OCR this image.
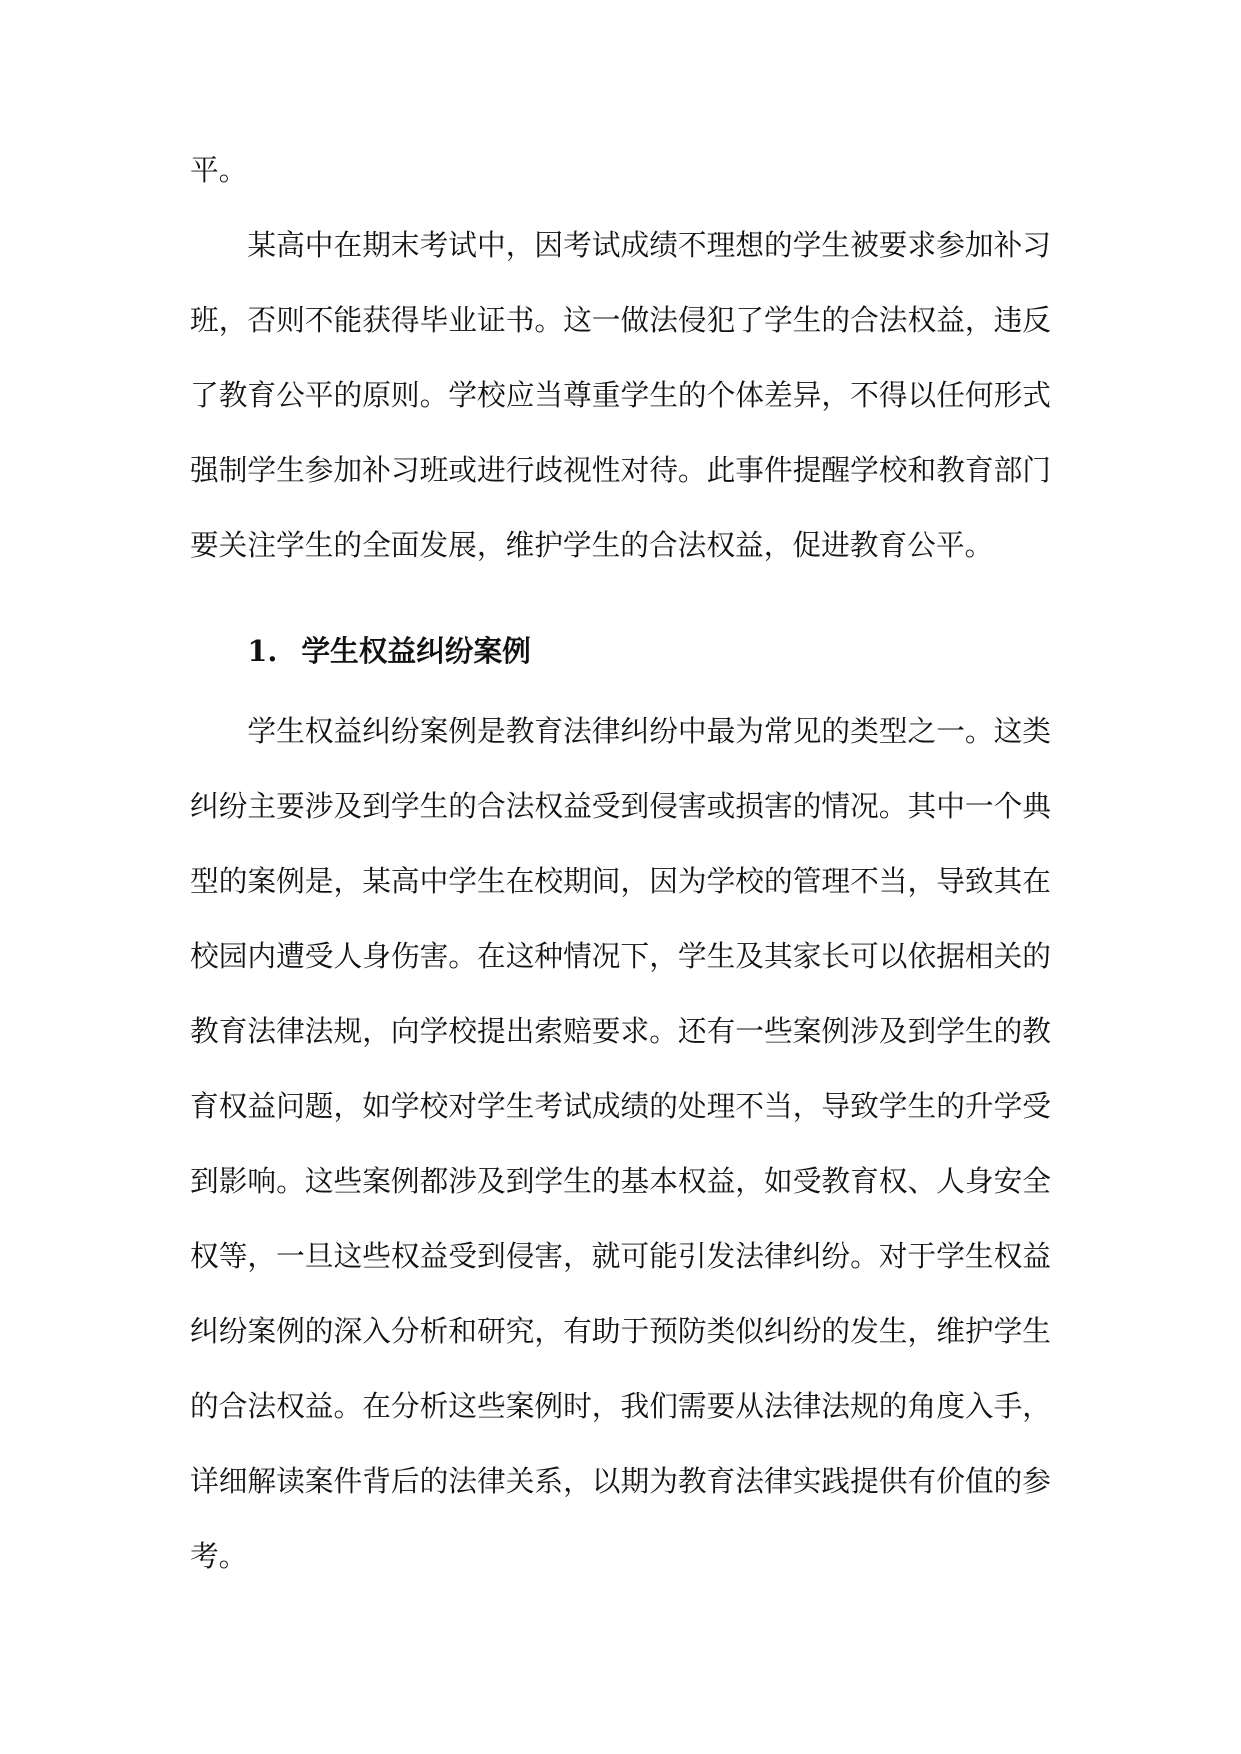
平。

某高中在期末考试中，因考试成绩不理想的学生被要求参加补习
班，否则不能获得毕业证书。这一做法侵犯了学生的合法权益，违反
了教育公平的原则。学校应当尊重学生的个体差异，不得以任何形式
强制学生参加补习班或进行歧视性对待。此事件提醒学校和教育部门
要关注学生的全面发展，维护学生的合法权益，促进教育公平。

1. 学生权益纠纷案例

学生权益纠纷案例是教育法律纠纷中最为常见的类型之一。这类
纠纷主要涉及到学生的合法权益受到侵害或损害的情况。其中一个典
型的案例是，某高中学生在校期间，因为学校的管理不当，导致其在
校园内遭受人身伤害。在这种情况下，学生及其家长可以依据相关的
教育法律法规，向学校提出索赔要求。还有一些案例涉及到学生的教
育权益问题，如学校对学生考试成绩的处理不当，导致学生的升学受
到影响。这些案例都涉及到学生的基本权益，如受教育权、人身安全
权等，一旦这些权益受到侵害，就可能引发法律纠纷。对于学生权益
纠纷案例的深入分析和研究，有助于预防类似纠纷的发生，维护学生
的合法权益。在分析这些案例时，我们需要从法律法规的角度入手，
详细解读案件背后的法律关系，以期为教育法律实践提供有价值的参
考。
